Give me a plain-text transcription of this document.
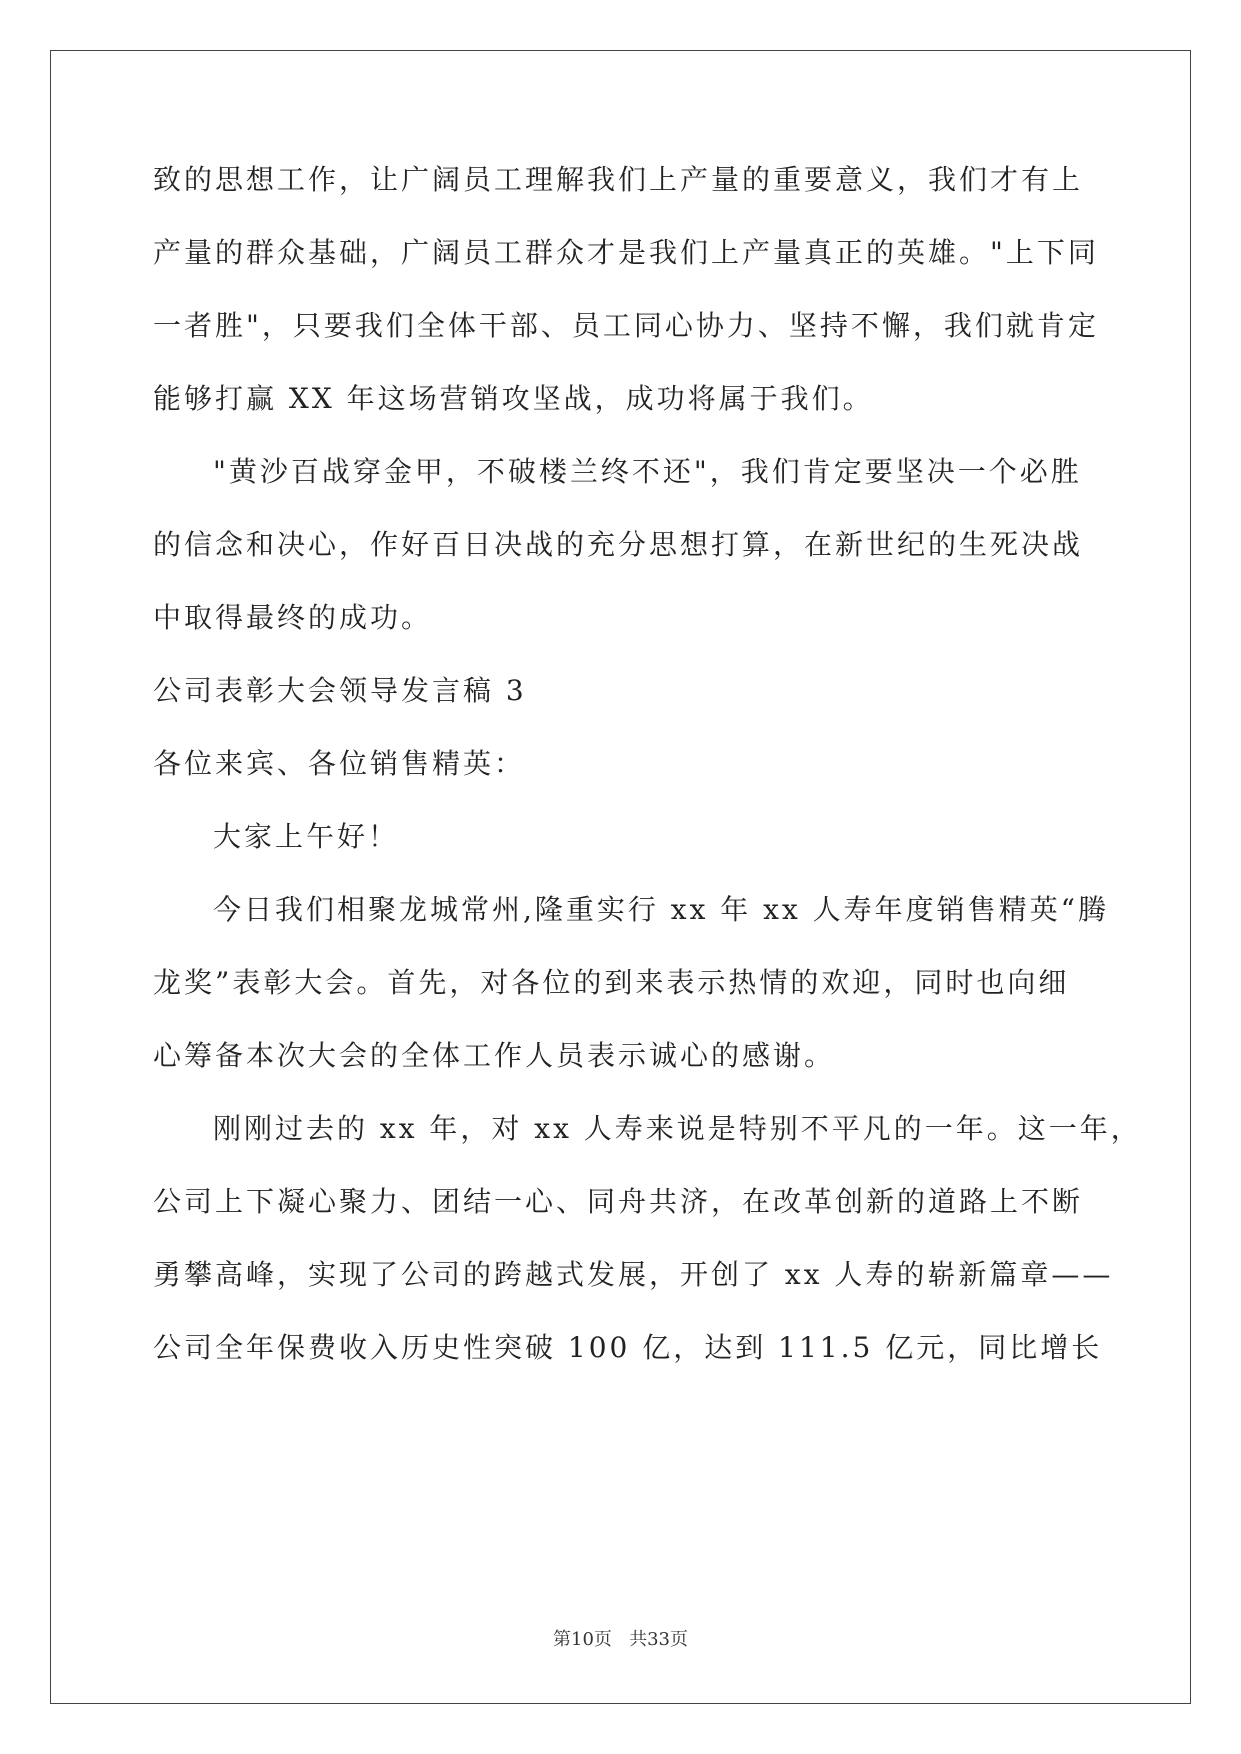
致的思想工作，让广阔员工理解我们上产量的重要意义，我们才有上
产量的群众基础，广阔员工群众才是我们上产量真正的英雄。"上下同
一者胜"，只要我们全体干部、员工同心协力、坚持不懈，我们就肯定
能够打赢 XX 年这场营销攻坚战，成功将属于我们。
"黄沙百战穿金甲，不破楼兰终不还"，我们肯定要坚决一个必胜
的信念和决心，作好百日决战的充分思想打算，在新世纪的生死决战
中取得最终的成功。
公司表彰大会领导发言稿 3
各位来宾、各位销售精英：
大家上午好！
今日我们相聚龙城常州,隆重实行 xx 年 xx 人寿年度销售精英“腾
龙奖”表彰大会。首先，对各位的到来表示热情的欢迎，同时也向细
心筹备本次大会的全体工作人员表示诚心的感谢。
刚刚过去的 xx 年，对 xx 人寿来说是特别不平凡的一年。这一年，
公司上下凝心聚力、团结一心、同舟共济，在改革创新的道路上不断
勇攀高峰，实现了公司的跨越式发展，开创了 xx 人寿的崭新篇章——
公司全年保费收入历史性突破 100 亿，达到 111.5 亿元，同比增长
第10页   共33页
